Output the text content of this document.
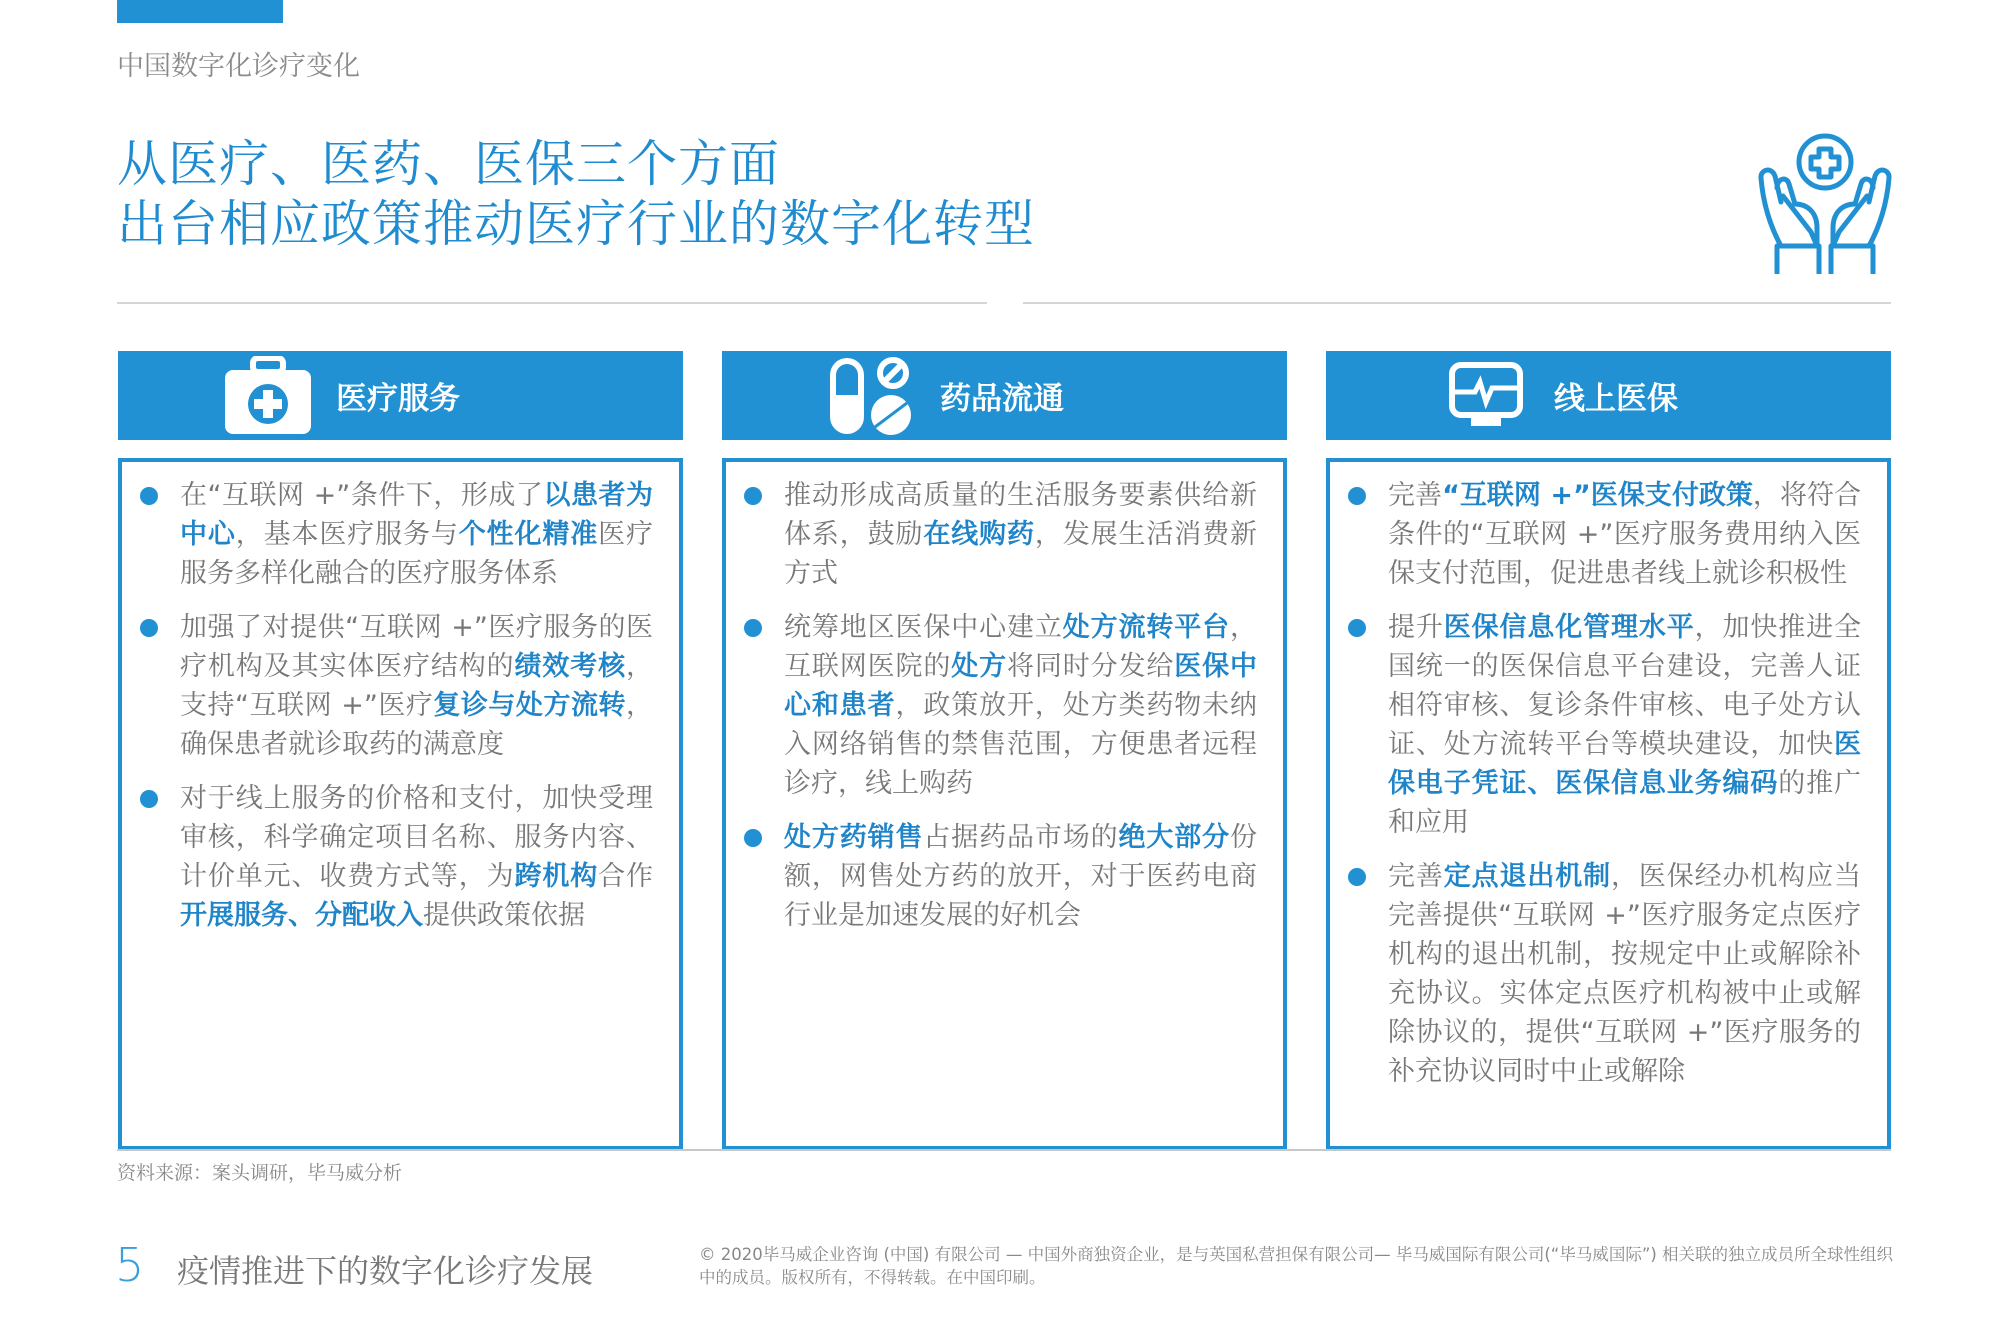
中国数字化诊疗变化
从医疗、医药、医保三个方面
出台相应政策推动医疗行业的数字化转型
医疗服务
在“互联网 +”条件下，形成了以患者为中心，基本医疗服务与个性化精准医疗服务多样化融合的医疗服务体系
加强了对提供“互联网 +”医疗服务的医疗机构及其实体医疗结构的绩效考核，支持“互联网 +”医疗复诊与处方流转，确保患者就诊取药的满意度
对于线上服务的价格和支付，加快受理审核，科学确定项目名称、服务内容、计价单元、收费方式等，为跨机构合作开展服务、分配收入提供政策依据
药品流通
推动形成高质量的生活服务要素供给新体系，鼓励在线购药，发展生活消费新方式
统筹地区医保中心建立处方流转平台，互联网医院的处方将同时分发给医保中心和患者，政策放开，处方类药物未纳入网络销售的禁售范围，方便患者远程诊疗，线上购药
处方药销售占据药品市场的绝大部分份额，网售处方药的放开，对于医药电商行业是加速发展的好机会
线上医保
完善“互联网 +”医保支付政策，将符合条件的“互联网 +”医疗服务费用纳入医保支付范围，促进患者线上就诊积极性
提升医保信息化管理水平，加快推进全国统一的医保信息平台建设，完善人证相符审核、复诊条件审核、电子处方认证、处方流转平台等模块建设，加快医保电子凭证、医保信息业务编码的推广和应用
完善定点退出机制，医保经办机构应当完善提供“互联网 +”医疗服务定点医疗机构的退出机制，按规定中止或解除补充协议。实体定点医疗机构被中止或解除协议的，提供“互联网 +”医疗服务的补充协议同时中止或解除
资料来源：案头调研，毕马威分析
5 疫情推进下的数字化诊疗发展	© 2020毕马威企业咨询 (中国) 有限公司 — 中国外商独资企业，是与英国私营担保有限公司— 毕马威国际有限公司(“毕马威国际”) 相关联的独立成员所全球性组织中的成员。版权所有，不得转载。在中国印刷。
